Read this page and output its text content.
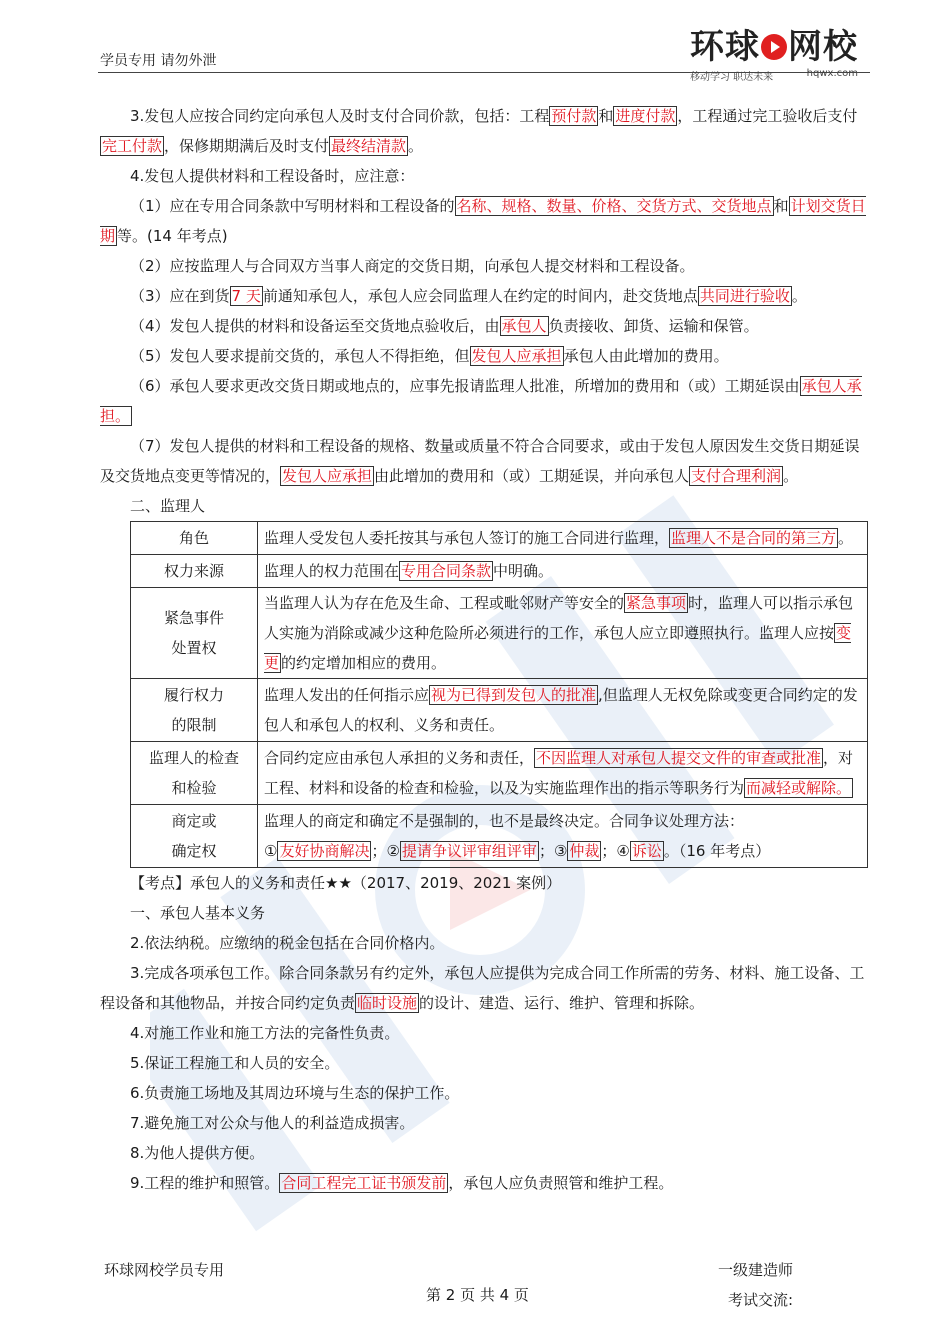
学员专用 请勿外泄	环球 网校
移动学习 职达未来	hqwx.com

3.发包人应按合同约定向承包人及时支付合同价款，包括：工程 预付款 和 进度付款 ，工程通过完工验收后支付完工付款 ，保修期期满后及时支付 最终结清款 。

4.发包人提供材料和工程设备时，应注意：

（1）应在专用合同条款中写明材料和工程设备的 名称、规格、数量、价格、交货方式、交货地点 和 计划交货日期 等。(14 年考点)

（2）应按监理人与合同双方当事人商定的交货日期，向承包人提交材料和工程设备。

（3）应在到货 7 天 前通知承包人，承包人应会同监理人在约定的时间内，赴交货地点 共同进行验收 。

（4）发包人提供的材料和设备运至交货地点验收后，由 承包人 负责接收、卸货、运输和保管。

（5）发包人要求提前交货的，承包人不得拒绝，但 发包人应承担 承包人由此增加的费用。

（6）承包人要求更改交货日期或地点的，应事先报请监理人批准，所增加的费用和（或）工期延误由 承包人承担。

（7）发包人提供的材料和工程设备的规格、数量或质量不符合合同要求，或由于发包人原因发生交货日期延误及交货地点变更等情况的， 发包人应承担 由此增加的费用和（或）工期延误，并向承包人 支付合理利润 。

二、监理人

角色	监理人受发包人委托按其与承包人签订的施工合同进行监理， 监理人不是合同的第三方 。
权力来源	监理人的权力范围在 专用合同条款 中明确。
紧急事件
处置权	当监理人认为存在危及生命、工程或毗邻财产等安全的 紧急事项 时，监理人可以指示承包人实施为消除或减少这种危险所必须进行的工作，承包人应立即遵照执行。监理人应按 变更 的约定增加相应的费用。
履行权力
的限制	监理人发出的任何指示应 视为已得到发包人的批准 ,但监理人无权免除或变更合同约定的发包人和承包人的权利、义务和责任。
监理人的检查
和检验	合同约定应由承包人承担的义务和责任， 不因监理人对承包人提交文件的审查或批准 ，对工程、材料和设备的检查和检验，以及为实施监理作出的指示等职务行为 而减轻或解除。
商定或
确定权	监理人的商定和确定不是强制的，也不是最终决定。合同争议处理方法：
① 友好协商解决 ；② 提请争议评审组评审 ；③ 仲裁 ；④ 诉讼 。（16 年考点）

【考点】承包人的义务和责任★★（2017、2019、2021 案例）

一、承包人基本义务

2.依法纳税。应缴纳的税金包括在合同价格内。

3.完成各项承包工作。除合同条款另有约定外，承包人应提供为完成合同工作所需的劳务、材料、施工设备、工程设备和其他物品，并按合同约定负责 临时设施 的设计、建造、运行、维护、管理和拆除。

4.对施工作业和施工方法的完备性负责。

5.保证工程施工和人员的安全。

6.负责施工场地及其周边环境与生态的保护工作。

7.避免施工对公众与他人的利益造成损害。

8.为他人提供方便。

9.工程的维护和照管。 合同工程完工证书颁发前 ，承包人应负责照管和维护工程。

环球网校学员专用	一级建造师
第 2 页 共 4 页	考试交流:
